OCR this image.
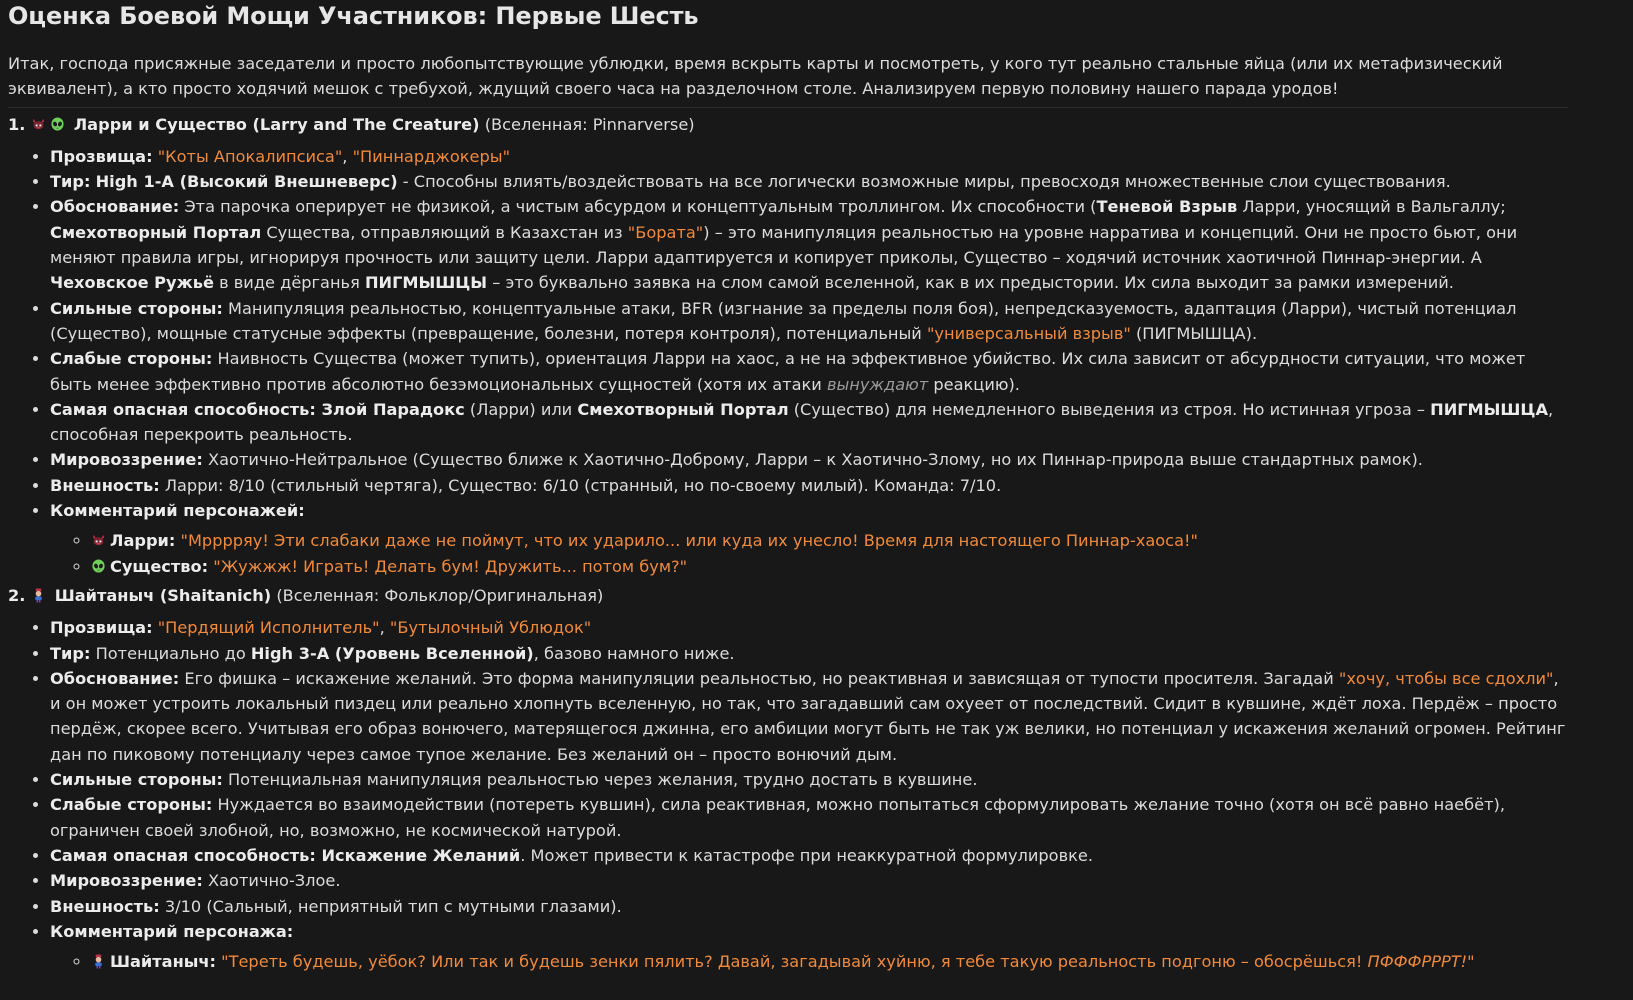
Оценка Боевой Мощи Участников: Первые Шесть

Итак, господа присяжные заседатели и просто любопытствующие ублюдки, время вскрыть карты и посмотреть, у кого тут реально стальные яйца (или их метафизический эквивалент), а кто просто ходячий мешок с требухой, ждущий своего часа на разделочном столе. Анализируем первую половину нашего парада уродов!

1.	Ларри и Существо (Larry and The Creature) (Вселенная: Pinnarverse)
• Прозвища: "Коты Апокалипсиса", "Пиннарджокеры"
• Тир: High 1-A (Высокий Внешневерс) - Способны влиять/воздействовать на все логически возможные миры, превосходя множественные слои существования.
• Обоснование: Эта парочка оперирует не физикой, а чистым абсурдом и концептуальным троллингом. Их способности (Теневой Взрыв Ларри, уносящий в Вальгаллу; Смехотворный Портал Существа, отправляющий в Казахстан из "Бората") – это манипуляция реальностью на уровне нарратива и концепций. Они не просто бьют, они меняют правила игры, игнорируя прочность или защиту цели. Ларри адаптируется и копирует приколы, Существо – ходячий источник хаотичной Пиннар-энергии. А Чеховское Ружьё в виде дёрганья ПИГМЫШЦЫ – это буквально заявка на слом самой вселенной, как в их предыстории. Их сила выходит за рамки измерений.
• Сильные стороны: Манипуляция реальностью, концептуальные атаки, BFR (изгнание за пределы поля боя), непредсказуемость, адаптация (Ларри), чистый потенциал (Существо), мощные статусные эффекты (превращение, болезни, потеря контроля), потенциальный "универсальный взрыв" (ПИГМЫШЦА).
• Слабые стороны: Наивность Существа (может тупить), ориентация Ларри на хаос, а не на эффективное убийство. Их сила зависит от абсурдности ситуации, что может быть менее эффективно против абсолютно безэмоциональных сущностей (хотя их атаки вынуждают реакцию).
• Самая опасная способность: Злой Парадокс (Ларри) или Смехотворный Портал (Существо) для немедленного выведения из строя. Но истинная угроза – ПИГМЫШЦА, способная перекроить реальность.
• Мировоззрение: Хаотично-Нейтральное (Существо ближе к Хаотично-Доброму, Ларри – к Хаотично-Злому, но их Пиннар-природа выше стандартных рамок).
• Внешность: Ларри: 8/10 (стильный чертяга), Существо: 6/10 (странный, но по-своему милый). Команда: 7/10.
• Комментарий персонажей:
◦ Ларри: "Мрррряу! Эти слабаки даже не поймут, что их ударило... или куда их унесло! Время для настоящего Пиннар-хаоса!"
◦ Существо: "Жужжж! Играть! Делать бум! Дружить... потом бум?"
2. Шайтаныч (Shaitanich) (Вселенная: Фольклор/Оригинальная)
• Прозвища: "Пердящий Исполнитель", "Бутылочный Ублюдок"
• Тир: Потенциально до High 3-A (Уровень Вселенной), базово намного ниже.
• Обоснование: Его фишка – искажение желаний. Это форма манипуляции реальностью, но реактивная и зависящая от тупости просителя. Загадай "хочу, чтобы все сдохли", и он может устроить локальный пиздец или реально хлопнуть вселенную, но так, что загадавший сам охуеет от последствий. Сидит в кувшине, ждёт лоха. Пердёж – просто пердёж, скорее всего. Учитывая его образ вонючего, матерящегося джинна, его амбиции могут быть не так уж велики, но потенциал у искажения желаний огромен. Рейтинг дан по пиковому потенциалу через самое тупое желание. Без желаний он – просто вонючий дым.
• Сильные стороны: Потенциальная манипуляция реальностью через желания, трудно достать в кувшине.
• Слабые стороны: Нуждается во взаимодействии (потереть кувшин), сила реактивная, можно попытаться сформулировать желание точно (хотя он всё равно наебёт), ограничен своей злобной, но, возможно, не космической натурой.
• Самая опасная способность: Искажение Желаний. Может привести к катастрофе при неаккуратной формулировке.
• Мировоззрение: Хаотично-Злое.
• Внешность: 3/10 (Сальный, неприятный тип с мутными глазами).
• Комментарий персонажа:
◦ Шайтаныч: "Тереть будешь, уёбок? Или так и будешь зенки пялить? Давай, загадывай хуйню, я тебе такую реальность подгоню – обосрёшься! ПФФФРРРТ!"
